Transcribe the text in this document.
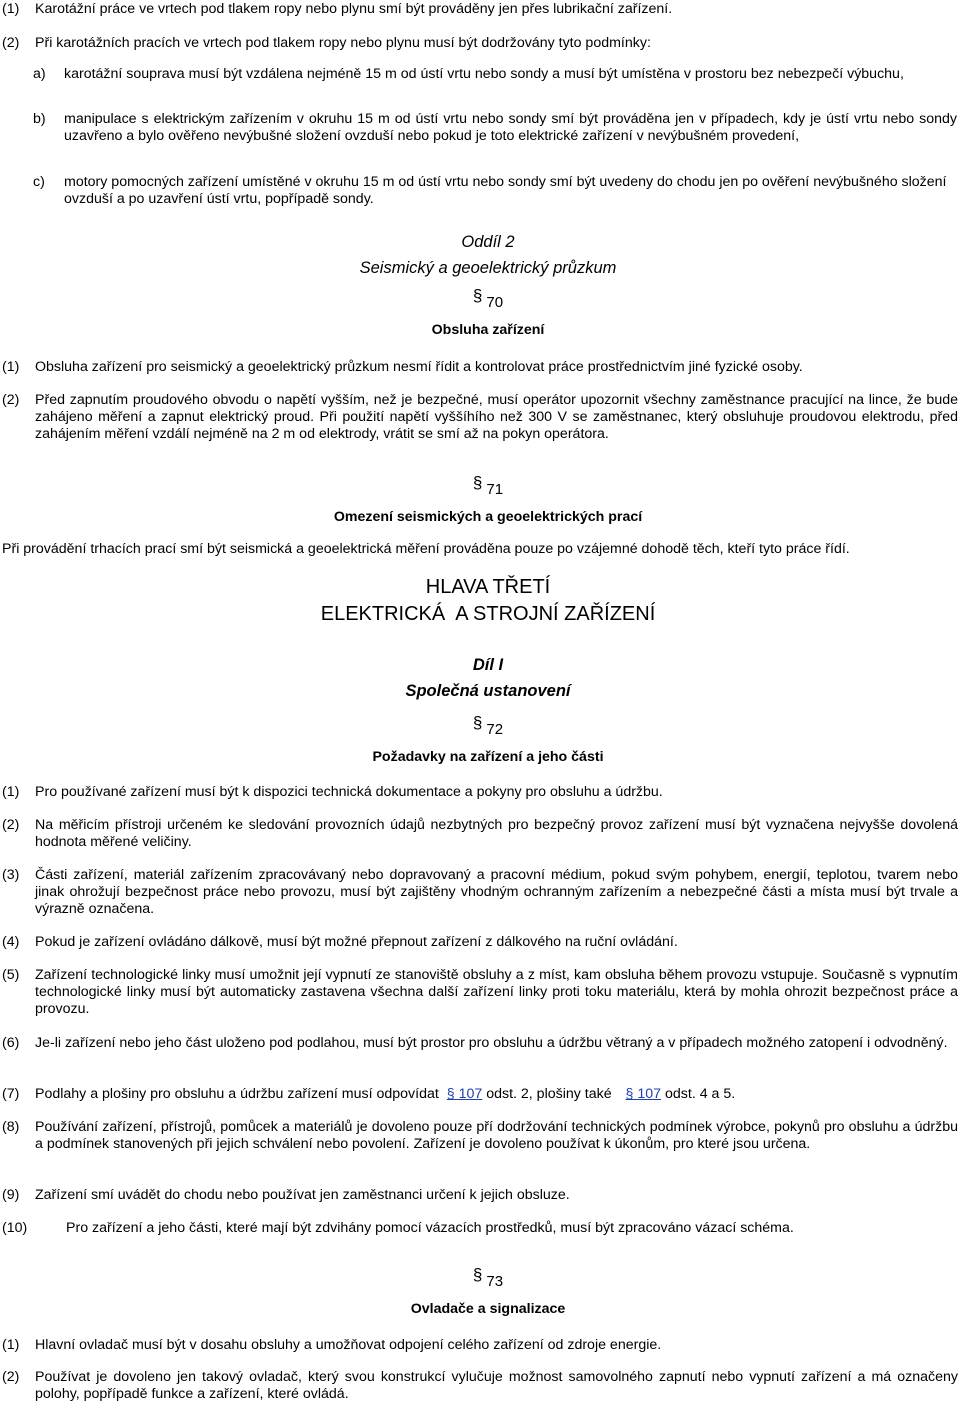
(1)	Karotážní práce ve vrtech pod tlakem ropy nebo plynu smí být prováděny jen přes lubrikační zařízení.
(2)	Při karotážních pracích ve vrtech pod tlakem ropy nebo plynu musí být dodržovány tyto podmínky:
a)	karotážní souprava musí být vzdálena nejméně 15 m od ústí vrtu nebo sondy a musí být umístěna v prostoru bez nebezpečí výbuchu,
b)	manipulace s elektrickým zařízením v okruhu 15 m od ústí vrtu nebo sondy smí být prováděna jen v případech, kdy je ústí vrtu nebo sondy uzavřeno a bylo ověřeno nevýbušné složení ovzduší nebo pokud je toto elektrické zařízení v nevýbušném provedení,
c)	motory pomocných zařízení umístěné v okruhu 15 m od ústí vrtu nebo sondy smí být uvedeny do chodu jen po ověření nevýbušného složení ovzduší a po uzavření ústí vrtu, popřípadě sondy.
Oddíl 2
Seismický a geoelektrický průzkum
§ 70
Obsluha zařízení
(1)	Obsluha zařízení pro seismický a geoelektrický průzkum nesmí řídit a kontrolovat práce prostřednictvím jiné fyzické osoby.
(2)	Před zapnutím proudového obvodu o napětí vyšším, než je bezpečné, musí operátor upozornit všechny zaměstnance pracující na lince, že bude zahájeno měření a zapnut elektrický proud. Při použití napětí vyššíhího než 300 V se zaměstnanec, který obsluhuje proudovou elektrodu, před zahájením měření vzdálí nejméně na 2 m od elektrody, vrátit se smí až na pokyn operátora.
§ 71
Omezení seismických a geoelektrických prací
Při provádění trhacích prací smí být seismická a geoelektrická měření prováděna pouze po vzájemné dohodě těch, kteří tyto práce řídí.
HLAVA TŘETÍ
ELEKTRICKÁ  A STROJNÍ ZAŘÍZENÍ
Díl I
Společná ustanovení
§ 72
Požadavky na zařízení a jeho části
(1)	Pro používané zařízení musí být k dispozici technická dokumentace a pokyny pro obsluhu a údržbu.
(2)	Na měřicím přístroji určeném ke sledování provozních údajů nezbytných pro bezpečný provoz zařízení musí být vyznačena nejvyšše dovolená hodnota měřené veličiny.
(3)	Části zařízení, materiál zařízením zpracovávaný nebo dopravovaný a pracovní médium, pokud svým pohybem, energií, teplotou, tvarem nebo jinak ohrožují bezpečnost práce nebo provozu, musí být zajištěny vhodným ochranným zařízením a nebezpečné části a místa musí být trvale a výrazně označena.
(4)	Pokud je zařízení ovládáno dálkově, musí být možné přepnout zařízení z dálkového na ruční ovládání.
(5)	Zařízení technologické linky musí umožnit její vypnutí ze stanoviště obsluhy a z míst, kam obsluha během provozu vstupuje. Současně s vypnutím technologické linky musí být automaticky zastavena všechna další zařízení linky proti toku materiálu, která by mohla ohrozit bezpečnost práce a provozu.
(6)	Je-li zařízení nebo jeho část uloženo pod podlahou, musí být prostor pro obsluhu a údržbu větraný a v případech možného zatopení i odvodněný.
(7)	Podlahy a plošiny pro obsluhu a údržbu zařízení musí odpovídat § 107 odst. 2, plošiny také § 107 odst. 4 a 5.
(8)	Používání zařízení, přístrojů, pomůcek a materiálů je dovoleno pouze pří dodržování technických podmínek výrobce, pokynů pro obsluhu a údržbu a podmínek stanovených při jejich schválení nebo povolení. Zařízení je dovoleno používat k úkonům, pro které jsou určena.
(9)	Zařízení smí uvádět do chodu nebo používat jen zaměstnanci určení k jejich obsluze.
(10)	Pro zařízení a jeho části, které mají být zdvihány pomocí vázacích prostředků, musí být zpracováno vázací schéma.
§ 73
Ovladače a signalizace
(1)	Hlavní ovladač musí být v dosahu obsluhy a umožňovat odpojení celého zařízení od zdroje energie.
(2)	Používat je dovoleno jen takový ovladač, který svou konstrukcí vylučuje možnost samovolného zapnutí nebo vypnutí zařízení a má označeny polohy, popřípadě funkce a zařízení, které ovládá.
